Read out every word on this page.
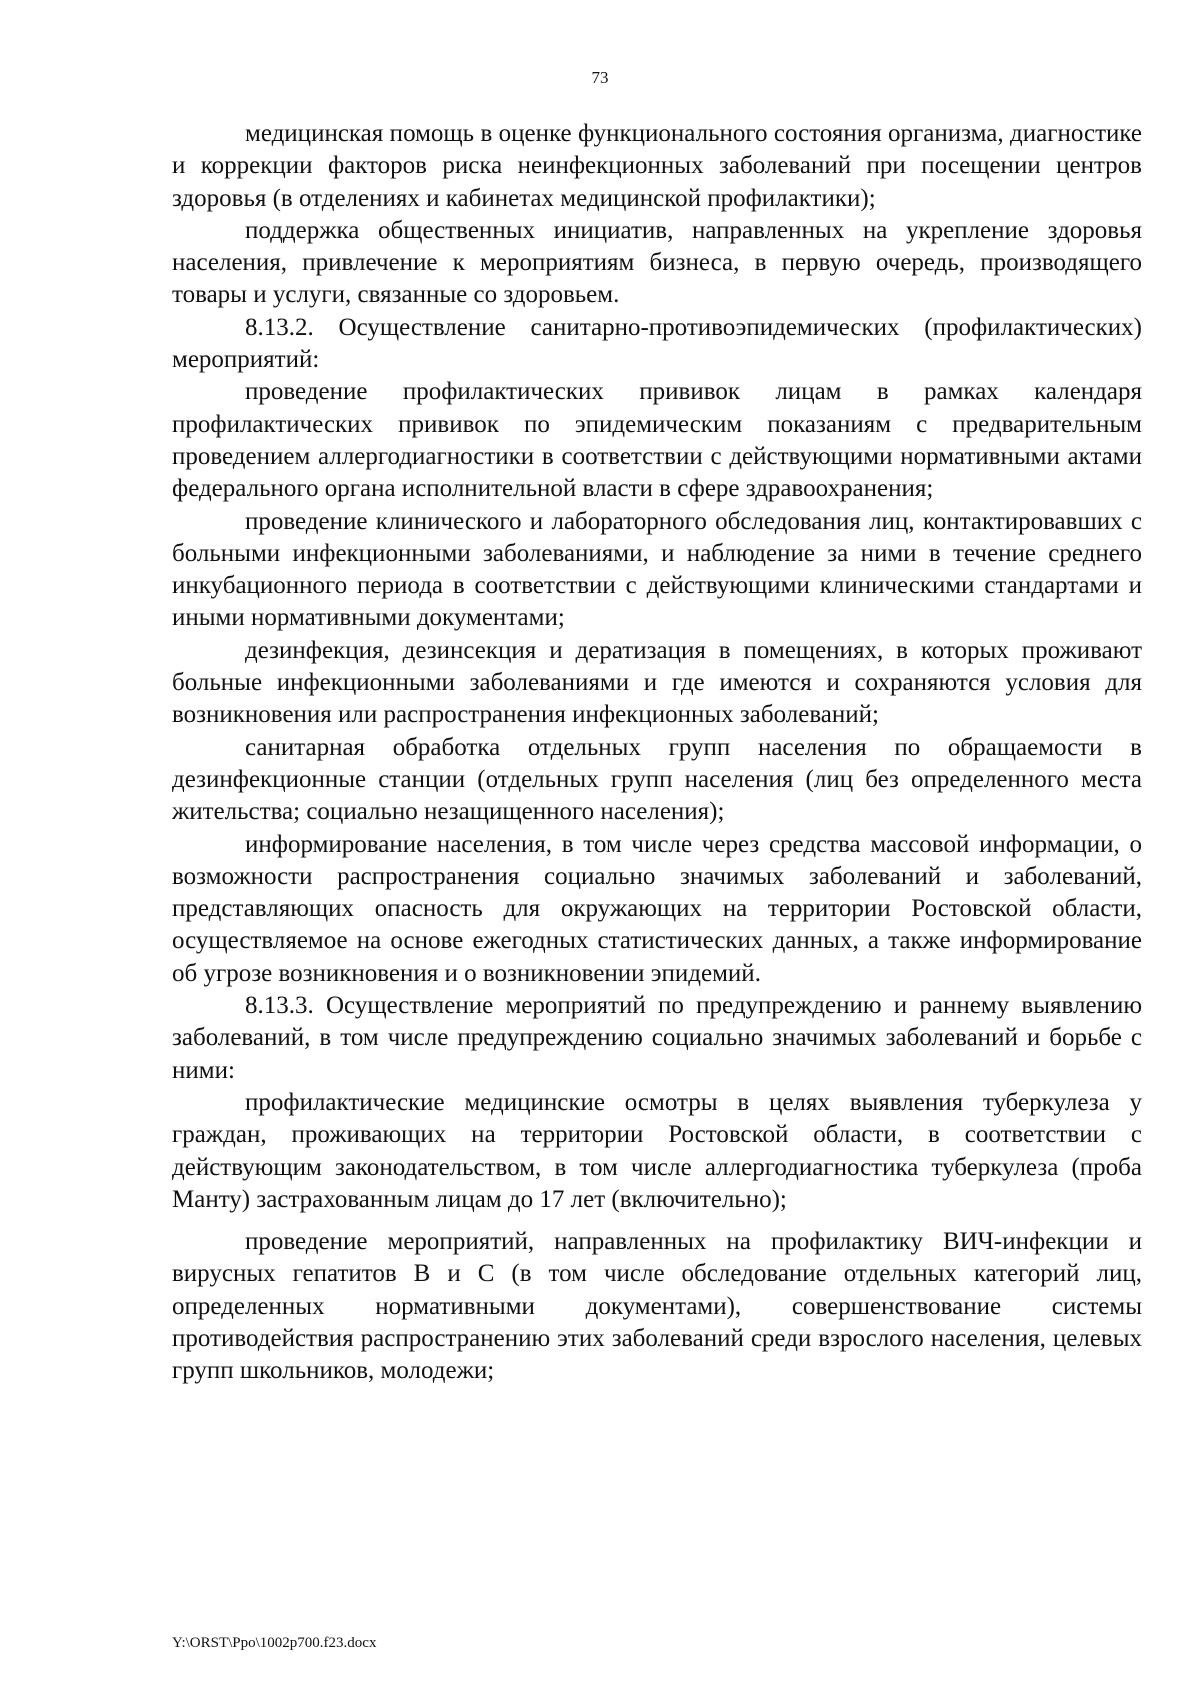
73

медицинская помощь в оценке функционального состояния организма, диагностике и коррекции факторов риска неинфекционных заболеваний при посещении центров здоровья (в отделениях и кабинетах медицинской профилактики);

поддержка общественных инициатив, направленных на укрепление здоровья населения, привлечение к мероприятиям бизнеса, в первую очередь, производящего товары и услуги, связанные со здоровьем.

8.13.2. Осуществление санитарно-противоэпидемических (профилактических) мероприятий:

проведение профилактических прививок лицам в рамках календаря профилактических прививок по эпидемическим показаниям с предварительным проведением аллергодиагностики в соответствии с действующими нормативными актами федерального органа исполнительной власти в сфере здравоохранения;

проведение клинического и лабораторного обследования лиц, контактировавших с больными инфекционными заболеваниями, и наблюдение за ними в течение среднего инкубационного периода в соответствии с действующими клиническими стандартами и иными нормативными документами;

дезинфекция, дезинсекция и дератизация в помещениях, в которых проживают больные инфекционными заболеваниями и где имеются и сохраняются условия для возникновения или распространения инфекционных заболеваний;

санитарная обработка отдельных групп населения по обращаемости в дезинфекционные станции (отдельных групп населения (лиц без определенного места жительства; социально незащищенного населения);

информирование населения, в том числе через средства массовой информации, о возможности распространения социально значимых заболеваний и заболеваний, представляющих опасность для окружающих на территории Ростовской области, осуществляемое на основе ежегодных статистических данных, а также информирование об угрозе возникновения и о возникновении эпидемий.

8.13.3. Осуществление мероприятий по предупреждению и раннему выявлению заболеваний, в том числе предупреждению социально значимых заболеваний и борьбе с ними:

профилактические медицинские осмотры в целях выявления туберкулеза у граждан, проживающих на территории Ростовской области, в соответствии с действующим законодательством, в том числе аллергодиагностика туберкулеза (проба Манту) застрахованным лицам до 17 лет (включительно);

проведение мероприятий, направленных на профилактику ВИЧ-инфекции и вирусных гепатитов В и С (в том числе обследование отдельных категорий лиц, определенных нормативными документами), совершенствование системы противодействия распространению этих заболеваний среди взрослого населения, целевых групп школьников, молодежи;

Y:\ORST\Ppo\1002p700.f23.docx
